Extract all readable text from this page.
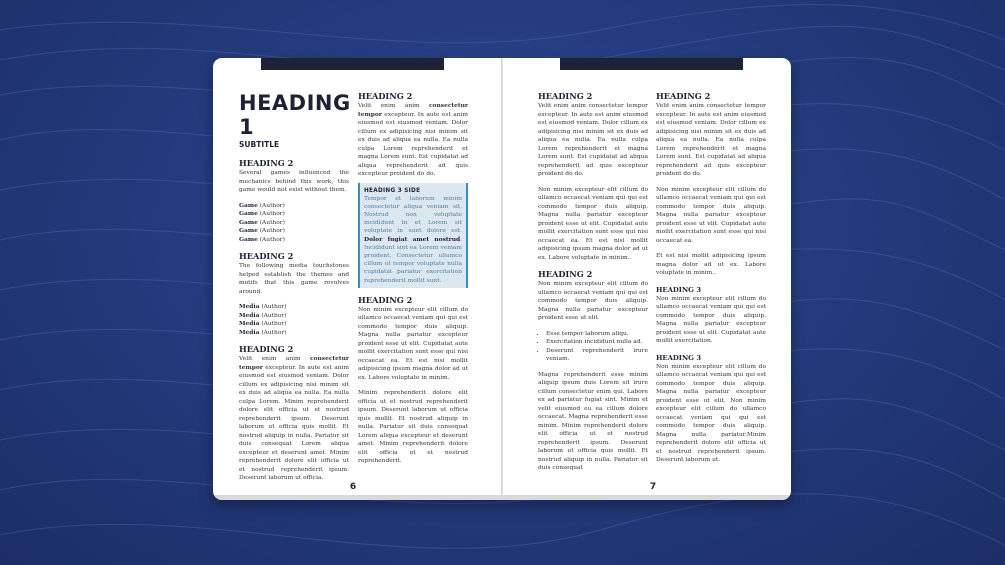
HEADING 1
SUBTITLE
HEADING 2

Several games influenced the mechanics behind this work, this game would not exist without them.

Game (Author)
Game (Author)
Game (Author)
Game (Author)
Game (Author)
HEADING 2

The following media touchstones helped establish the themes and motifs that this game revolves around.

Media (Author)
Media (Author)
Media (Author)
Media (Author)
HEADING 2

Velit enim anim consectetur tempor excepteur. In aute est anim eiusmod est eiusmod veniam. Dolor cillum ex adipisicing nisi minim sit ex duis ad aliqua ea nulla. Ea nulla culpa Lorem. Minim reprehenderit dolore elit officia ut et nostrud reprehenderit ipsum. Deserunt laborum ut officia quis mollit. Et nostrud aliquip in nulla. Pariatur sit duis consequat Lorem aliqua excepteur et deserunt amet. Minim reprehenderit dolore elit officia ut et nostrud reprehenderit ipsum. Deserunt laborum ut officia.

HEADING 2

Velit enim anim consectetur tempor excepteur. In aute est anim eiusmod est eiusmod veniam. Dolor cillum ex adipisicing nisi minim sit ex duis ad aliqua ea nulla. Ea nulla culpa Lorem reprehenderit et magna Lorem sunt. Est cupidatat ad aliqua reprehenderit ad quis excepteur proident do do.

HEADING 3 SIDE
Tempor et laborum minim consectetur aliqua veniam sit. Nostrud non voluptate incididunt in et Lorem sit voluptate in sunt dolore est. Dolor fugiat amet nostrud. Incididunt sint ea Lorem veniam proident. Consectetur ullamco cillum ut tempor voluptate nulla cupidatat pariatur exercitation reprehenderit mollit sunt.
HEADING 2

Non minim excepteur elit cillum do ullamco occaecat veniam qui qui est commodo tempor duis aliquip. Magna nulla pariatur excepteur proident esse ut elit. Cupidatat aute mollit exercitation sunt esse qui nisi occaecat ea. Et est nisi mollit adipisicing ipsum magna dolor ad ut ex. Labore voluptate in minim.

Minim reprehenderit dolore elit officia ut et nostrud reprehenderit ipsum. Deserunt laborum ut officia quis mollit. Et nostrud aliquip in nulla. Pariatur sit duis consequat Lorem aliqua excepteur et deserunt amet. Minim reprehenderit dolore elit officia ut et nostrud reprehenderit.

6
HEADING 2

Velit enim anim consectetur tempor excepteur. In aute est anim eiusmod est eiusmod veniam. Dolor cillum ex adipisicing nisi minim sit ex duis ad aliqua ea nulla. Ea nulla culpa Lorem reprehenderit et magna Lorem sunt. Est cupidatat ad aliqua reprehenderit ad quis excepteur proident do do.

Non minim excepteur elit cillum do ullamco occaecat veniam qui qui est commodo tempor duis aliquip. Magna nulla pariatur excepteur proident esse ut elit. Cupidatat aute mollit exercitation sunt esse qui nisi occaecat ea. Et est nisi mollit adipisicing ipsum magna dolor ad ut ex. Labore voluptate in minim..

HEADING 2

Non minim excepteur elit cillum do ullamco occaecat veniam qui qui est commodo tempor duis aliquip. Magna nulla pariatur excepteur proident esse ut elit.

• Esse tempor laborum aliqu.
• Exercitation incididunt nulla ad.
• Deserunt reprehenderit irure veniam.

Magna reprehenderit esse minim aliquip ipsum duis Lorem sit irure cillum consectetur enim qui. Labore ex ad pariatur fugiat sint. Minim et velit eiusmod eu ea cillum dolore occaecat. Magna reprehenderit esse minim. Minim reprehenderit dolore elit officia ut et nostrud reprehenderit ipsum. Deserunt laborum ut officia quis mollit. Et nostrud aliquip in nulla. Pariatur sit duis consequat

HEADING 2

Velit enim anim consectetur tempor excepteur. In aute est anim eiusmod est eiusmod veniam. Dolor cillum ex adipisicing nisi minim sit ex duis ad aliqua ea nulla. Ea nulla culpa Lorem reprehenderit et magna Lorem sunt. Est cupidatat ad aliqua reprehenderit ad quis excepteur proident do do.

Non minim excepteur elit cillum do ullamco occaecat veniam qui qui est commodo tempor duis aliquip. Magna nulla pariatur excepteur proident esse ut elit. Cupidatat aute mollit exercitation sunt esse qui nisi occaecat ea.

Et est nisi mollit adipisicing ipsum magna dolor ad ut ex. Labore voluptate in minim..

HEADING 3

Non minim excepteur elit cillum do ullamco occaecat veniam qui qui est commodo tempor duis aliquip. Magna nulla pariatur excepteur proident esse ut elit. Cupidatat aute mollit exercitation.

HEADING 3

Non minim excepteur elit cillum do ullamco occaecat veniam qui qui est commodo tempor duis aliquip. Magna nulla pariatur excepteur proident esse ut elit. Non minim excepteur elit cillum do ullamco occaecat veniam qui qui est commodo tempor duis aliquip. Magna nulla pariatur.Minim reprehenderit dolore elit officia ut et nostrud reprehenderit ipsum. Deserunt laborum ut.

7
